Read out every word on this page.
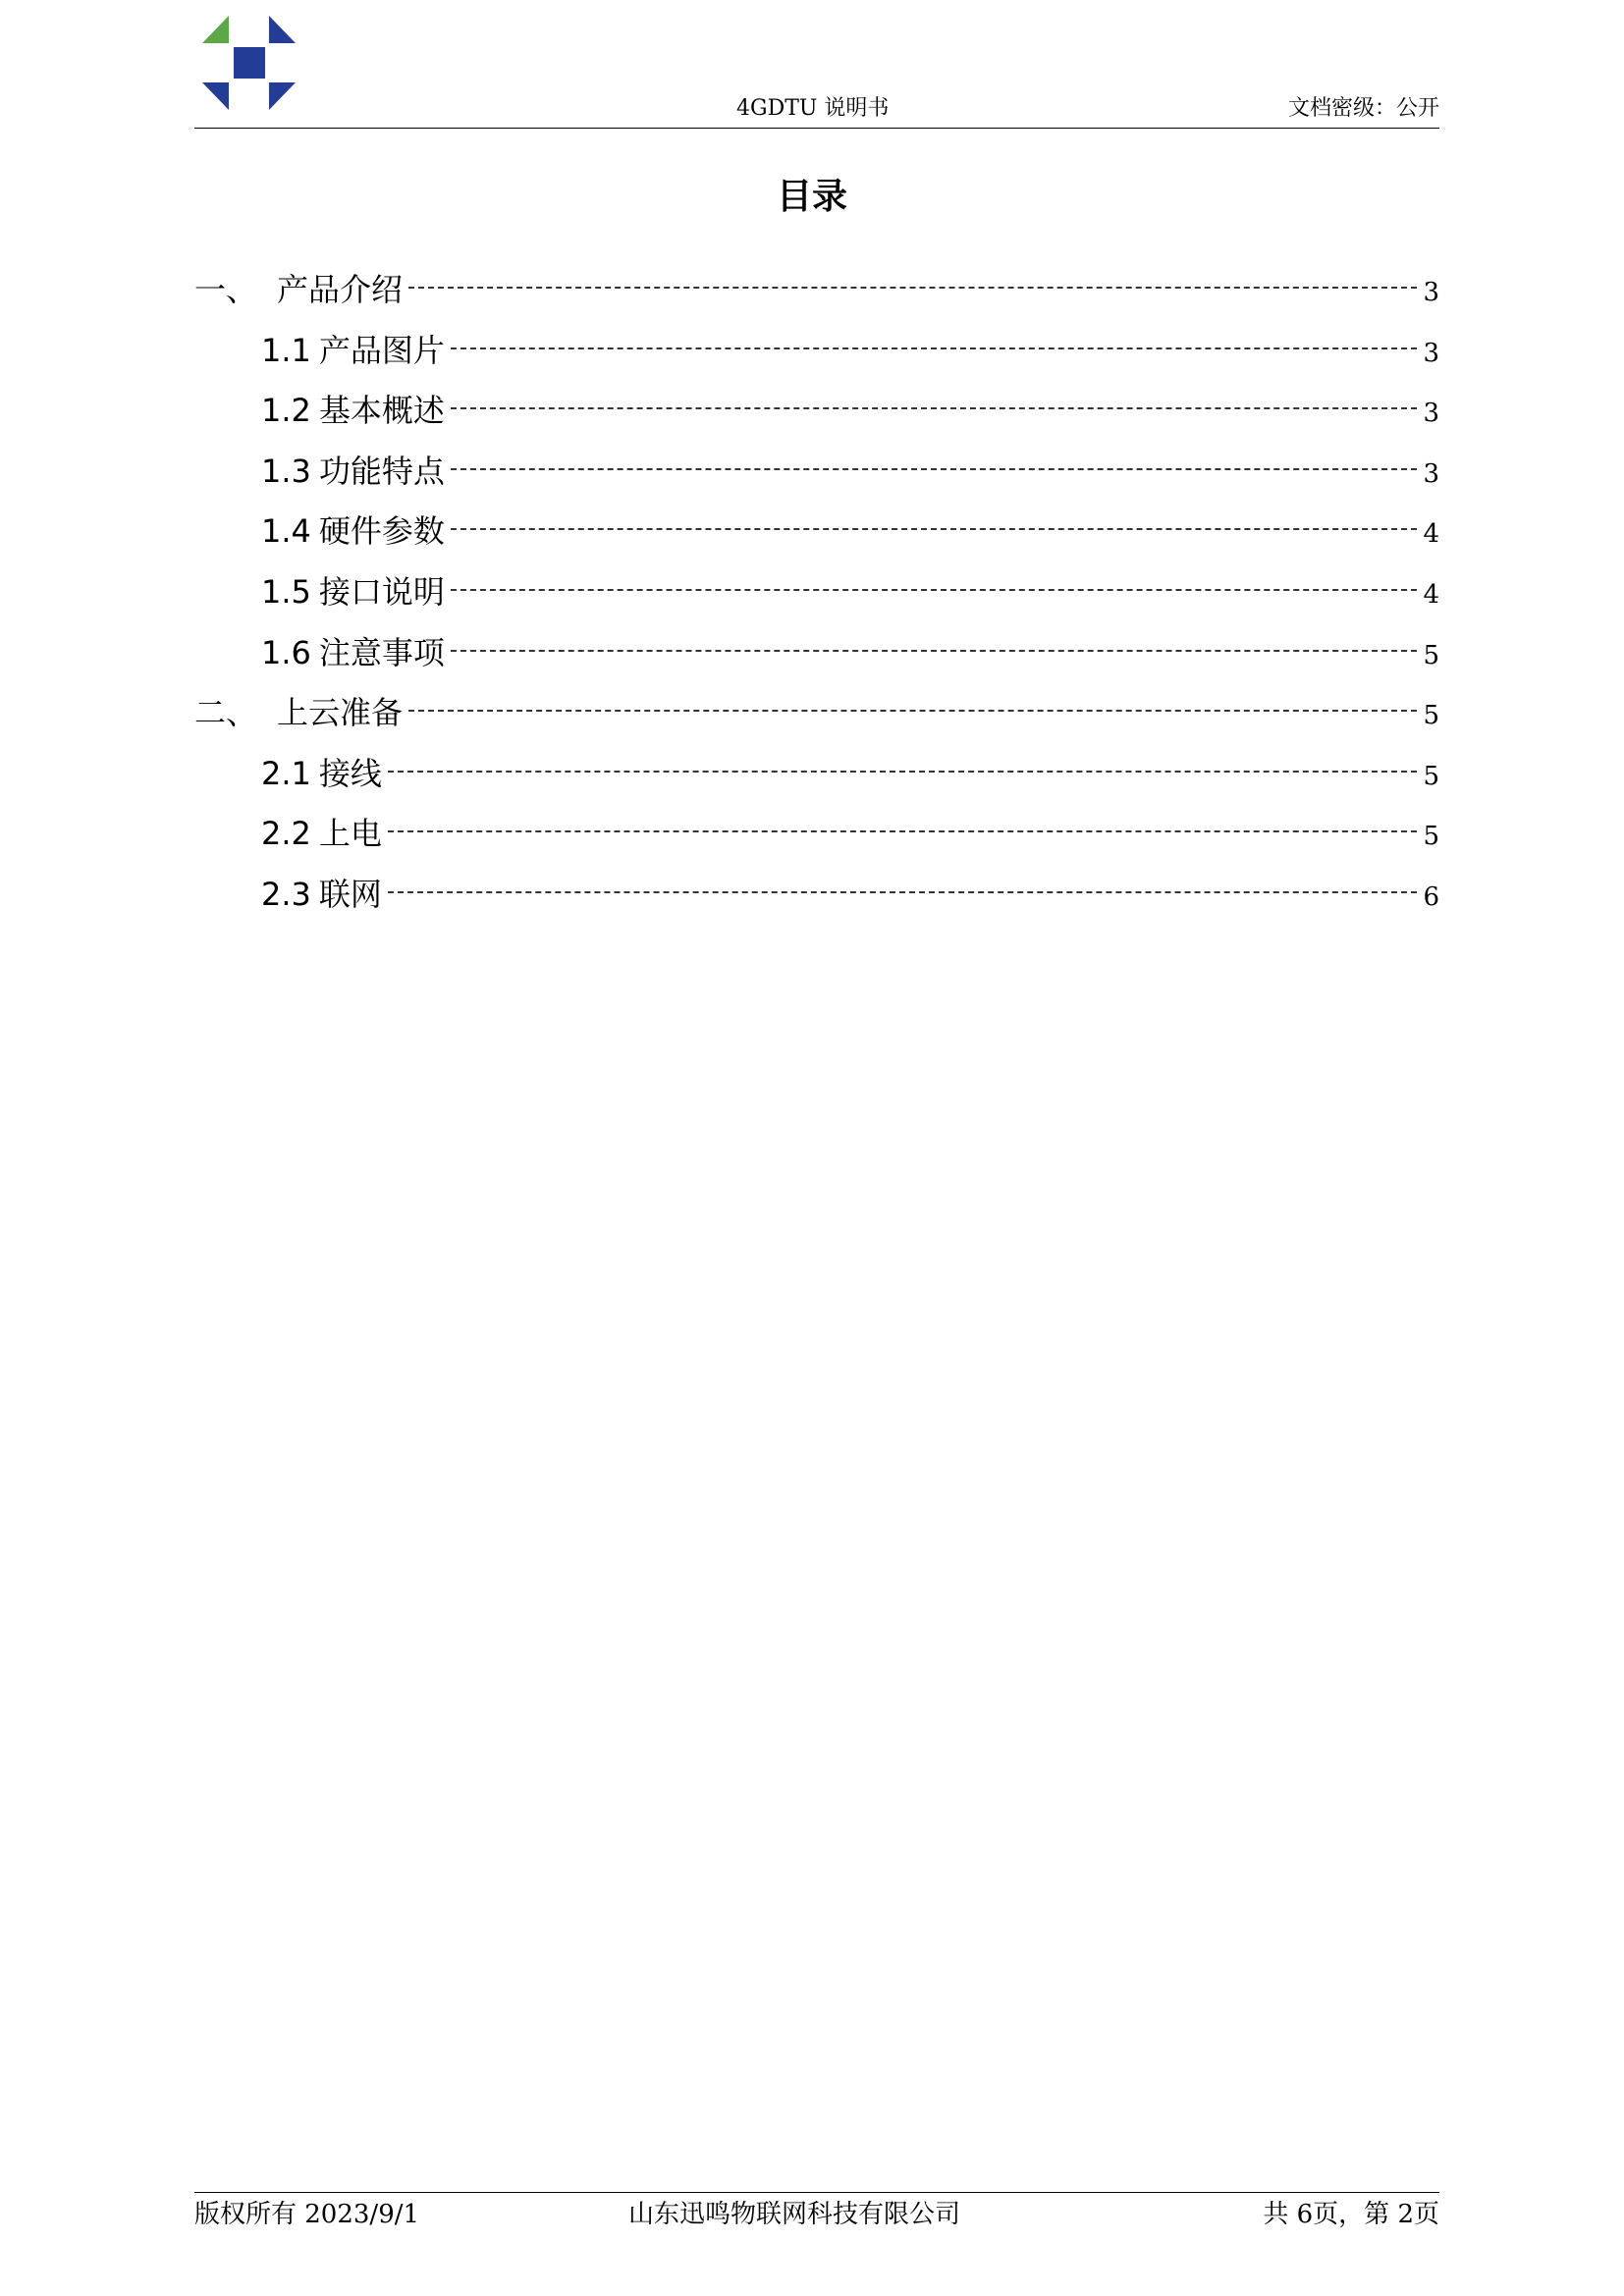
4GDTU 说明书	文档密级：公开
目录
一、 产品介绍	3
1.1 产品图片	3
1.2 基本概述	3
1.3 功能特点	3
1.4 硬件参数	4
1.5 接口说明	4
1.6 注意事项	5
二、 上云准备	5
2.1 接线	5
2.2 上电	5
2.3 联网	6
版权所有 2023/9/1	山东迅鸣物联网科技有限公司	共 6页，第 2页
